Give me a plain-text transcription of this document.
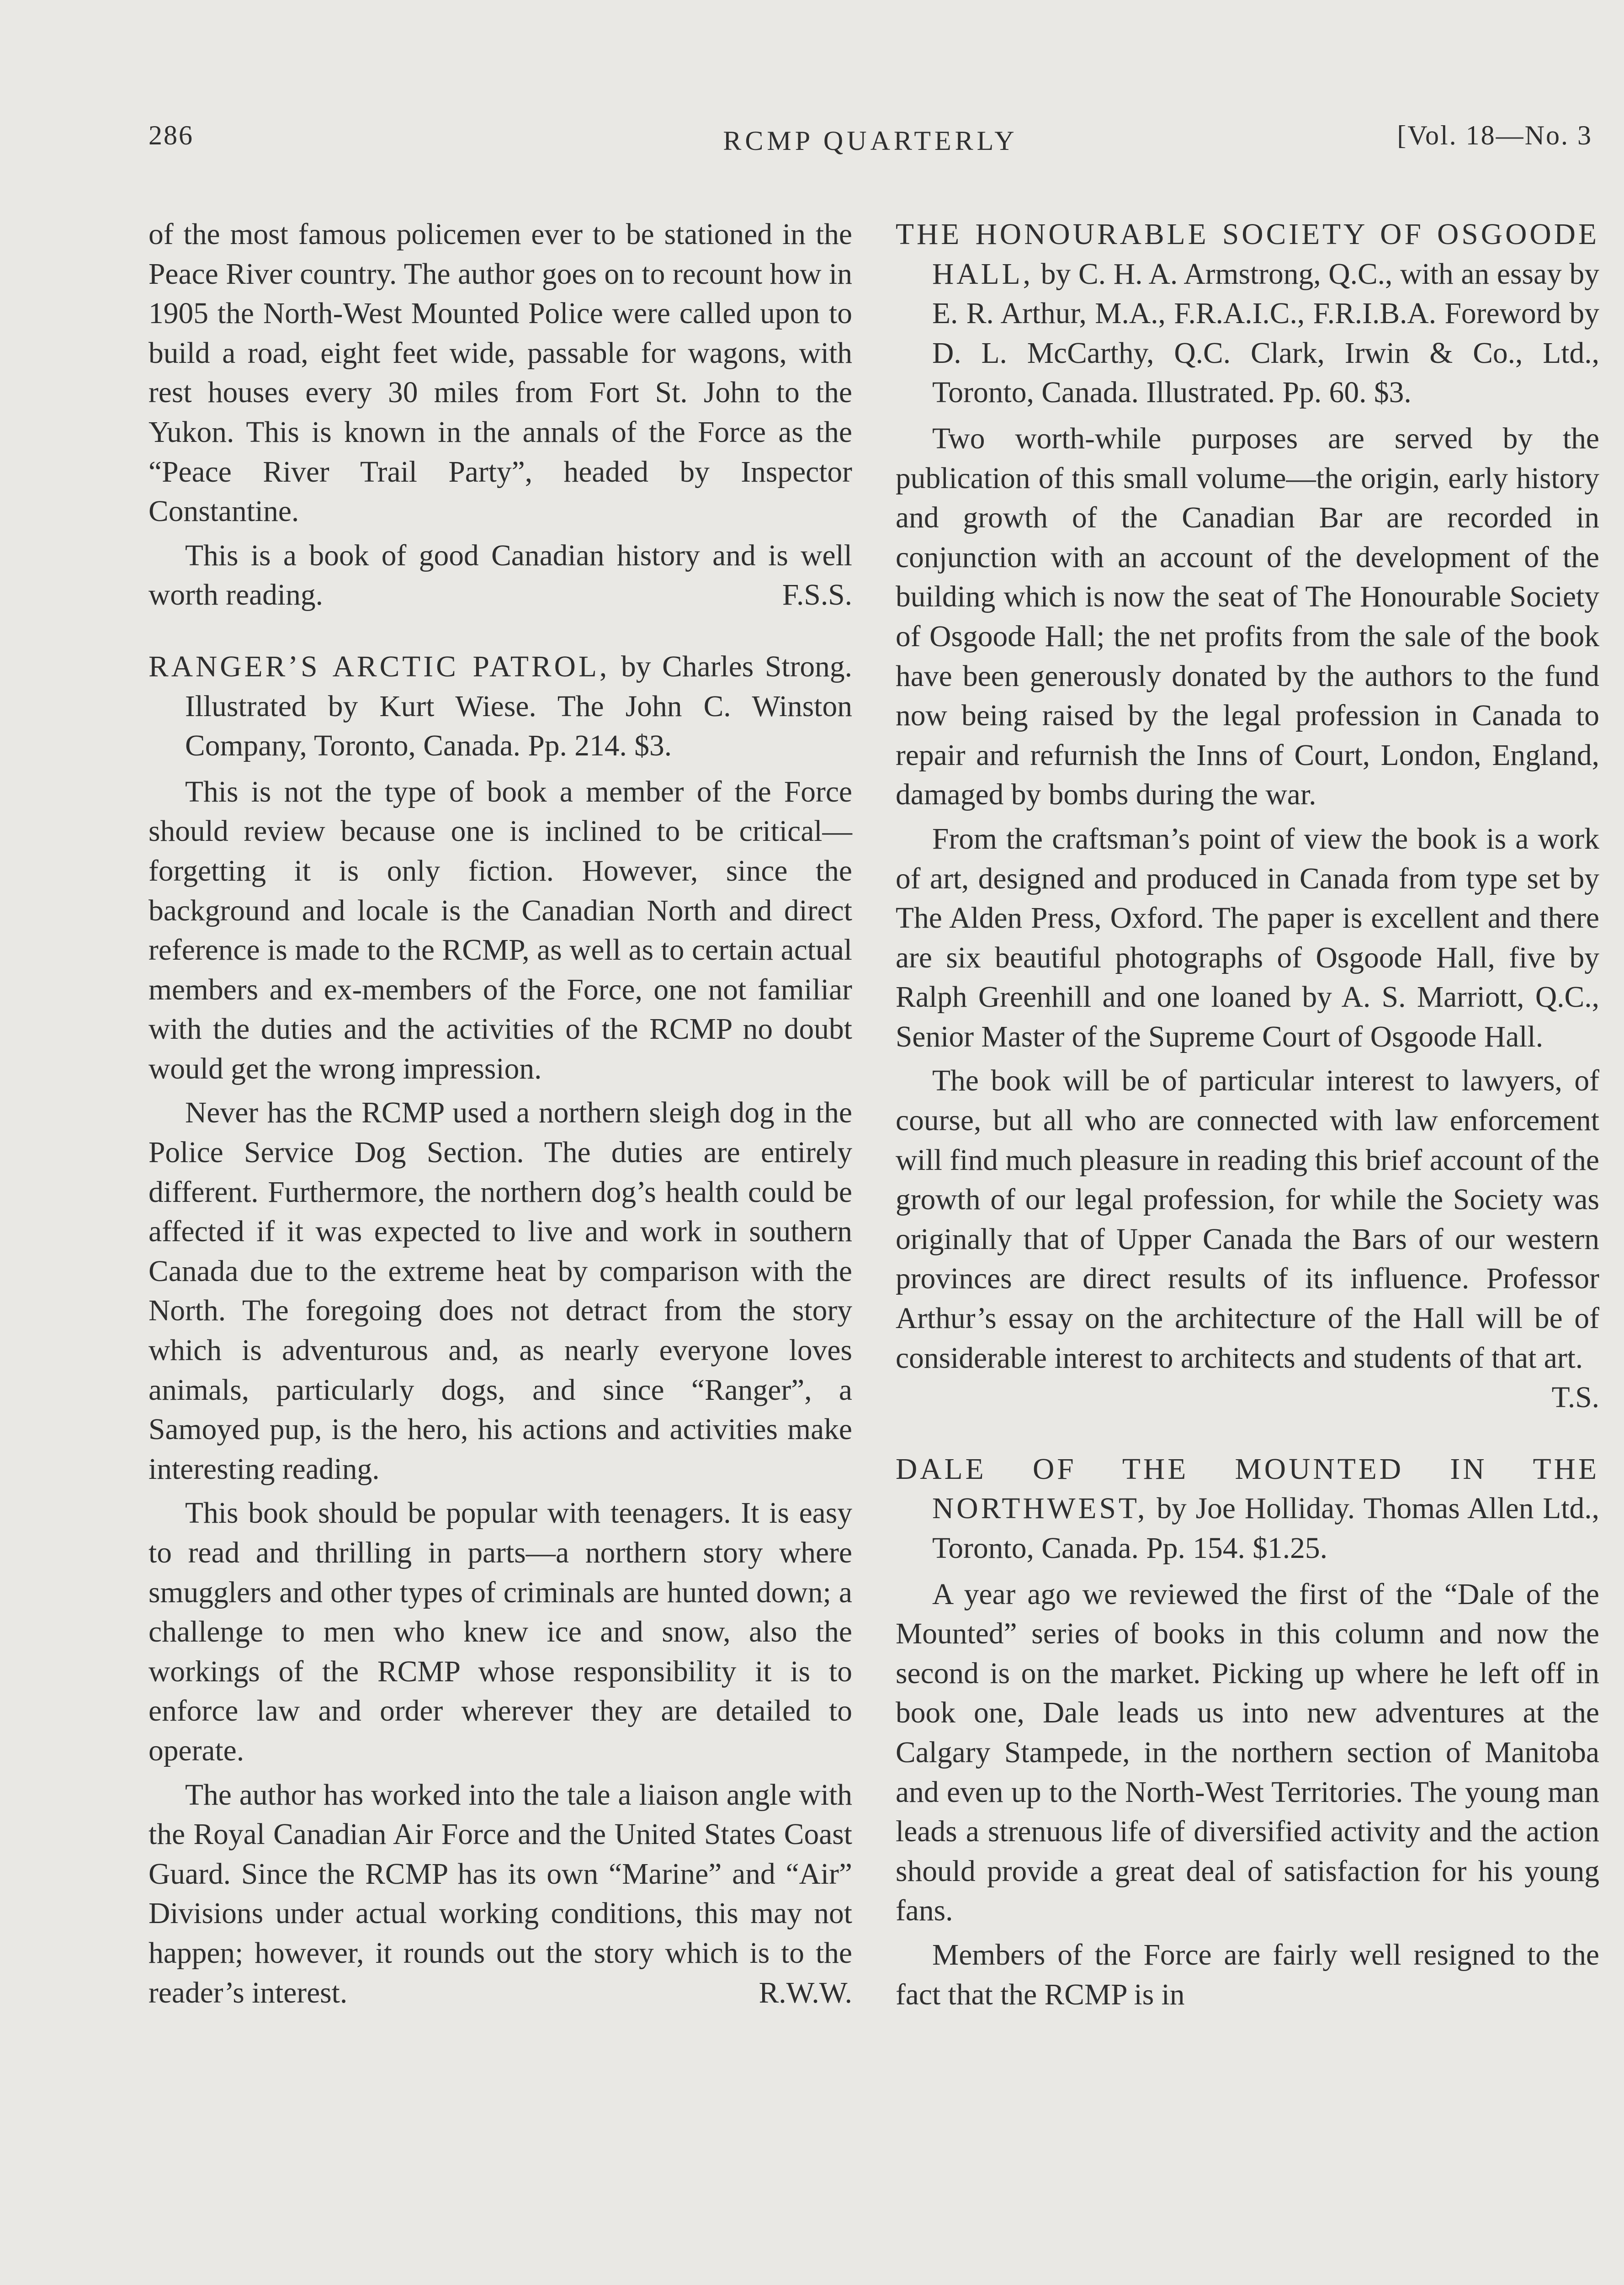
286	RCMP QUARTERLY	[Vol. 18—No. 3

of the most famous policemen ever to be stationed in the Peace River country. The author goes on to recount how in 1905 the North-West Mounted Police were called upon to build a road, eight feet wide, passable for wagons, with rest houses every 30 miles from Fort St. John to the Yukon. This is known in the annals of the Force as the “Peace River Trail Party”, headed by Inspector Constantine.

This is a book of good Canadian history and is well worth reading.	F.S.S.

RANGER’S ARCTIC PATROL, by Charles Strong. Illustrated by Kurt Wiese. The John C. Winston Company, Toronto, Canada. Pp. 214. $3.

This is not the type of book a member of the Force should review because one is inclined to be critical—forgetting it is only fiction. However, since the background and locale is the Canadian North and direct reference is made to the RCMP, as well as to certain actual members and ex-members of the Force, one not familiar with the duties and the activities of the RCMP no doubt would get the wrong impression.

Never has the RCMP used a northern sleigh dog in the Police Service Dog Section. The duties are entirely different. Furthermore, the northern dog’s health could be affected if it was expected to live and work in southern Canada due to the extreme heat by comparison with the North. The foregoing does not detract from the story which is adventurous and, as nearly everyone loves animals, particularly dogs, and since “Ranger”, a Samoyed pup, is the hero, his actions and activities make interesting reading.

This book should be popular with teenagers. It is easy to read and thrilling in parts—a northern story where smugglers and other types of criminals are hunted down; a challenge to men who knew ice and snow, also the workings of the RCMP whose responsibility it is to enforce law and order wherever they are detailed to operate.

The author has worked into the tale a liaison angle with the Royal Canadian Air Force and the United States Coast Guard. Since the RCMP has its own “Marine” and “Air” Divisions under actual working conditions, this may not happen; however, it rounds out the story which is to the reader’s interest.	R.W.W.

THE HONOURABLE SOCIETY OF OSGOODE HALL, by C. H. A. Armstrong, Q.C., with an essay by E. R. Arthur, M.A., F.R.A.I.C., F.R.I.B.A. Foreword by D. L. McCarthy, Q.C. Clark, Irwin & Co., Ltd., Toronto, Canada. Illustrated. Pp. 60. $3.

Two worth-while purposes are served by the publication of this small volume—the origin, early history and growth of the Canadian Bar are recorded in conjunction with an account of the development of the building which is now the seat of The Honourable Society of Osgoode Hall; the net profits from the sale of the book have been generously donated by the authors to the fund now being raised by the legal profession in Canada to repair and refurnish the Inns of Court, London, England, damaged by bombs during the war.

From the craftsman’s point of view the book is a work of art, designed and produced in Canada from type set by The Alden Press, Oxford. The paper is excellent and there are six beautiful photographs of Osgoode Hall, five by Ralph Greenhill and one loaned by A. S. Marriott, Q.C., Senior Master of the Supreme Court of Osgoode Hall.

The book will be of particular interest to lawyers, of course, but all who are connected with law enforcement will find much pleasure in reading this brief account of the growth of our legal profession, for while the Society was originally that of Upper Canada the Bars of our western provinces are direct results of its influence. Professor Arthur’s essay on the architecture of the Hall will be of considerable interest to architects and students of that art.
T.S.

DALE OF THE MOUNTED IN THE NORTHWEST, by Joe Holliday. Thomas Allen Ltd., Toronto, Canada. Pp. 154. $1.25.

A year ago we reviewed the first of the “Dale of the Mounted” series of books in this column and now the second is on the market. Picking up where he left off in book one, Dale leads us into new adventures at the Calgary Stampede, in the northern section of Manitoba and even up to the North-West Territories. The young man leads a strenuous life of diversified activity and the action should provide a great deal of satisfaction for his young fans.

Members of the Force are fairly well resigned to the fact that the RCMP is in
